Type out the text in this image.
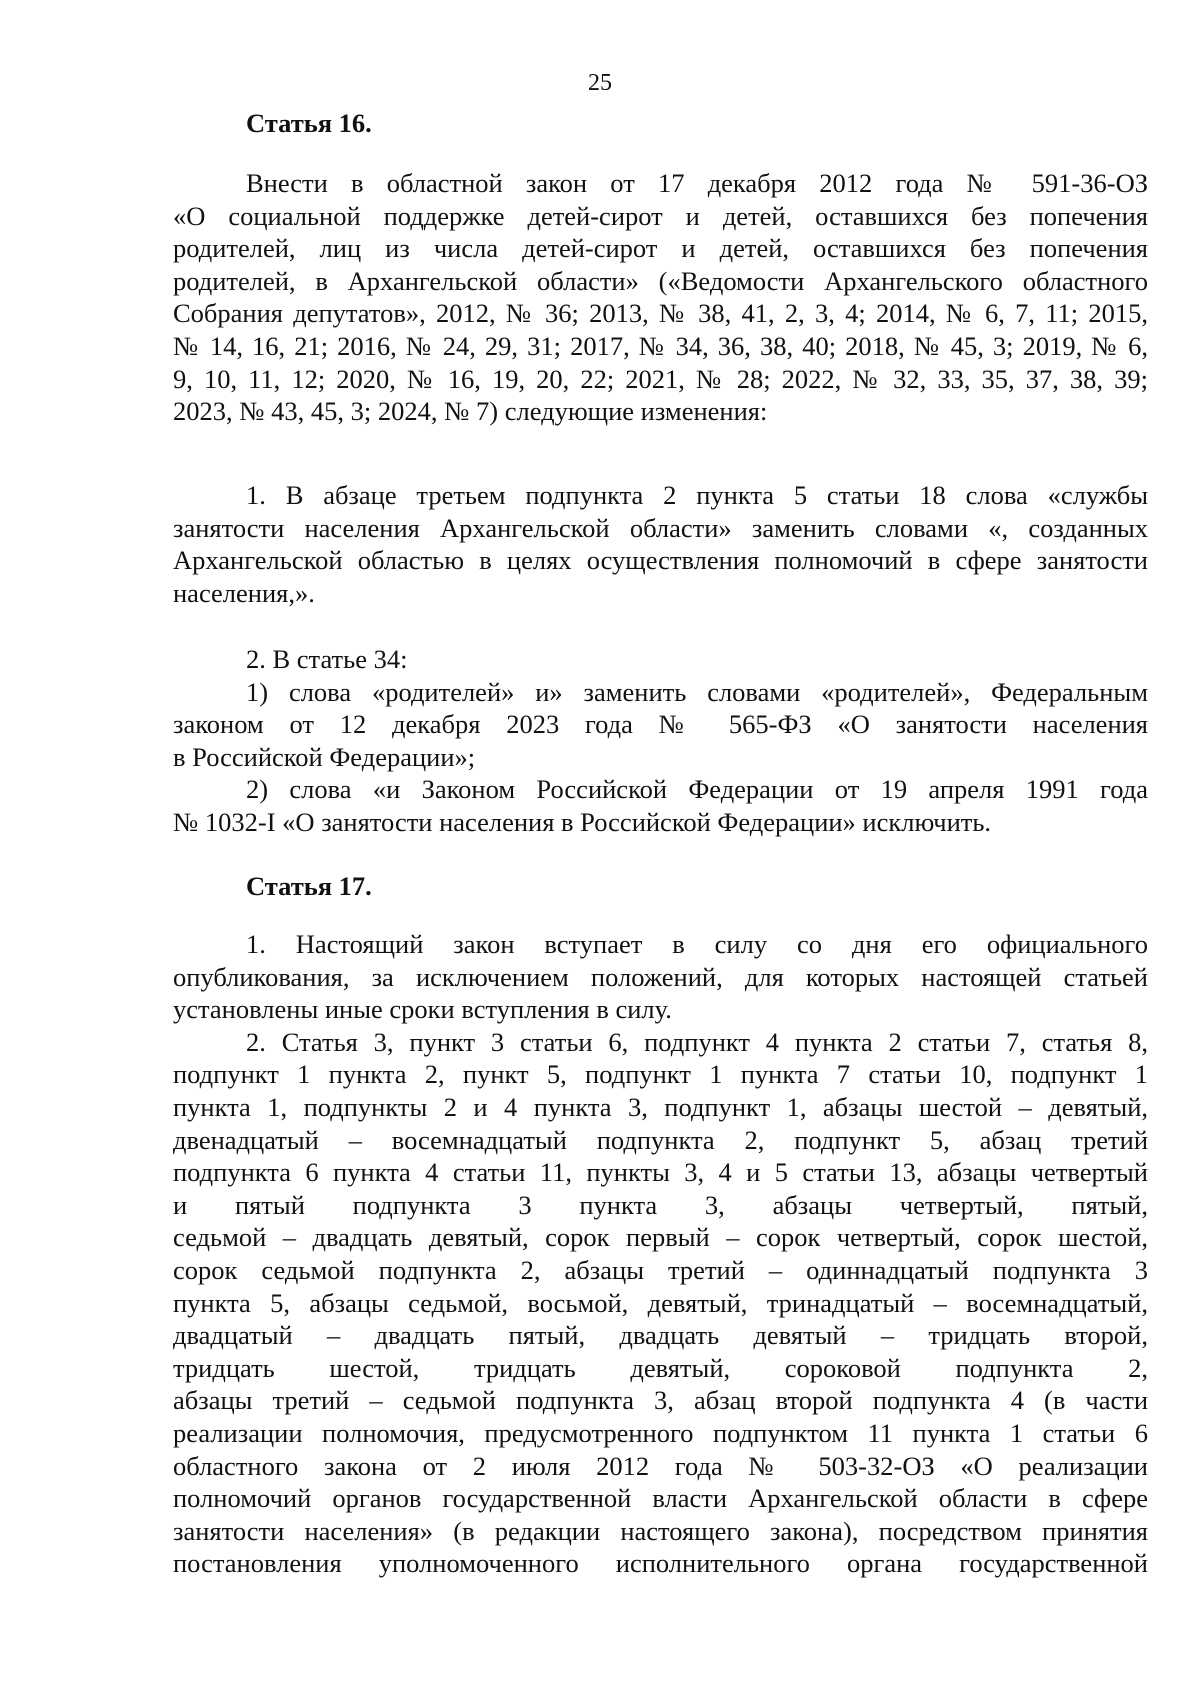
25
Статья 16.
Внести в областной закон от 17 декабря 2012 года № 591-36-ОЗ
«О социальной поддержке детей-сирот и детей, оставшихся без попечения
родителей, лиц из числа детей-сирот и детей, оставшихся без попечения
родителей, в Архангельской области» («Ведомости Архангельского областного
Собрания депутатов», 2012, № 36; 2013, № 38, 41, 2, 3, 4; 2014, № 6, 7, 11; 2015,
№ 14, 16, 21; 2016, № 24, 29, 31; 2017, № 34, 36, 38, 40; 2018, № 45, 3; 2019, № 6,
9, 10, 11, 12; 2020, № 16, 19, 20, 22; 2021, № 28; 2022, № 32, 33, 35, 37, 38, 39;
2023, № 43, 45, 3; 2024, № 7) следующие изменения:
1. В абзаце третьем подпункта 2 пункта 5 статьи 18 слова «службы
занятости населения Архангельской области» заменить словами «, созданных
Архангельской областью в целях осуществления полномочий в сфере занятости
населения,».
2. В статье 34:
1) слова «родителей» и» заменить словами «родителей», Федеральным
законом от 12 декабря 2023 года № 565-ФЗ «О занятости населения
в Российской Федерации»;
2) слова «и Законом Российской Федерации от 19 апреля 1991 года
№ 1032-I «О занятости населения в Российской Федерации» исключить.
Статья 17.
1. Настоящий закон вступает в силу со дня его официального
опубликования, за исключением положений, для которых настоящей статьей
установлены иные сроки вступления в силу.
2. Статья 3, пункт 3 статьи 6, подпункт 4 пункта 2 статьи 7, статья 8,
подпункт 1 пункта 2, пункт 5, подпункт 1 пункта 7 статьи 10, подпункт 1
пункта 1, подпункты 2 и 4 пункта 3, подпункт 1, абзацы шестой – девятый,
двенадцатый – восемнадцатый подпункта 2, подпункт 5, абзац третий
подпункта 6 пункта 4 статьи 11, пункты 3, 4 и 5 статьи 13, абзацы четвертый
и пятый подпункта 3 пункта 3, абзацы четвертый, пятый,
седьмой – двадцать девятый, сорок первый – сорок четвертый, сорок шестой,
сорок седьмой подпункта 2, абзацы третий – одиннадцатый подпункта 3
пункта 5, абзацы седьмой, восьмой, девятый, тринадцатый – восемнадцатый,
двадцатый – двадцать пятый, двадцать девятый – тридцать второй,
тридцать шестой, тридцать девятый, сороковой подпункта 2,
абзацы третий – седьмой подпункта 3, абзац второй подпункта 4 (в части
реализации полномочия, предусмотренного подпунктом 11 пункта 1 статьи 6
областного закона от 2 июля 2012 года № 503-32-ОЗ «О реализации
полномочий органов государственной власти Архангельской области в сфере
занятости населения» (в редакции настоящего закона), посредством принятия
постановления уполномоченного исполнительного органа государственной
